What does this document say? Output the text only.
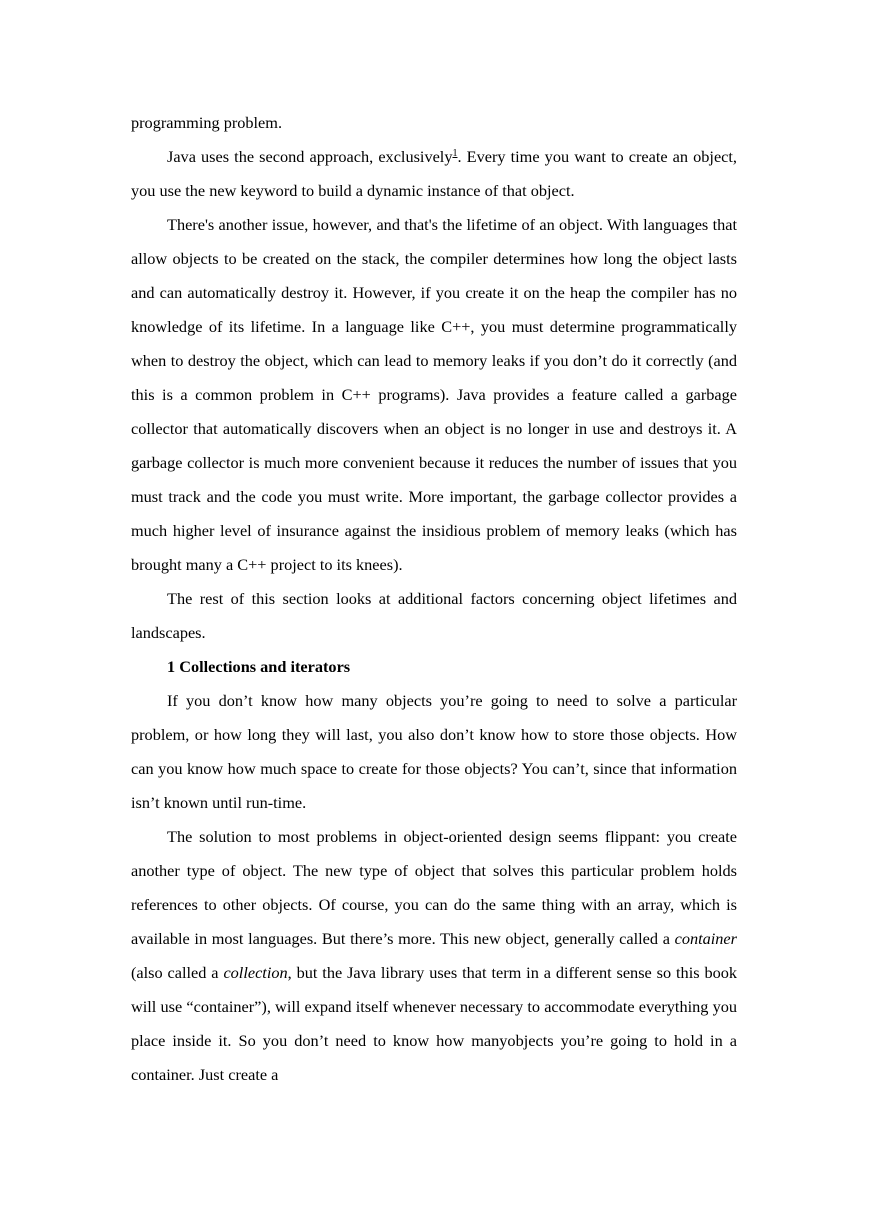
programming problem.

Java uses the second approach, exclusively$^1$. Every time you want to create an object, you use the new keyword to build a dynamic instance of that object.

There's another issue, however, and that's the lifetime of an object. With languages that allow objects to be created on the stack, the compiler determines how long the object lasts and can automatically destroy it. However, if you create it on the heap the compiler has no knowledge of its lifetime. In a language like C++, you must determine programmatically when to destroy the object, which can lead to memory leaks if you don’t do it correctly (and this is a common problem in C++ programs). Java provides a feature called a garbage collector that automatically discovers when an object is no longer in use and destroys it. A garbage collector is much more convenient because it reduces the number of issues that you must track and the code you must write. More important, the garbage collector provides a much higher level of insurance against the insidious problem of memory leaks (which has brought many a C++ project to its knees).

The rest of this section looks at additional factors concerning object lifetimes and landscapes.

1 Collections and iterators

If you don’t know how many objects you’re going to need to solve a particular problem, or how long they will last, you also don’t know how to store those objects. How can you know how much space to create for those objects? You can’t, since that information isn’t known until run-time.

The solution to most problems in object-oriented design seems flippant: you create another type of object. The new type of object that solves this particular problem holds references to other objects. Of course, you can do the same thing with an array, which is available in most languages. But there’s more. This new object, generally called a container (also called a collection, but the Java library uses that term in a different sense so this book will use “container”), will expand itself whenever necessary to accommodate everything you place inside it. So you don’t need to know how manyobjects you’re going to hold in a container. Just create a
